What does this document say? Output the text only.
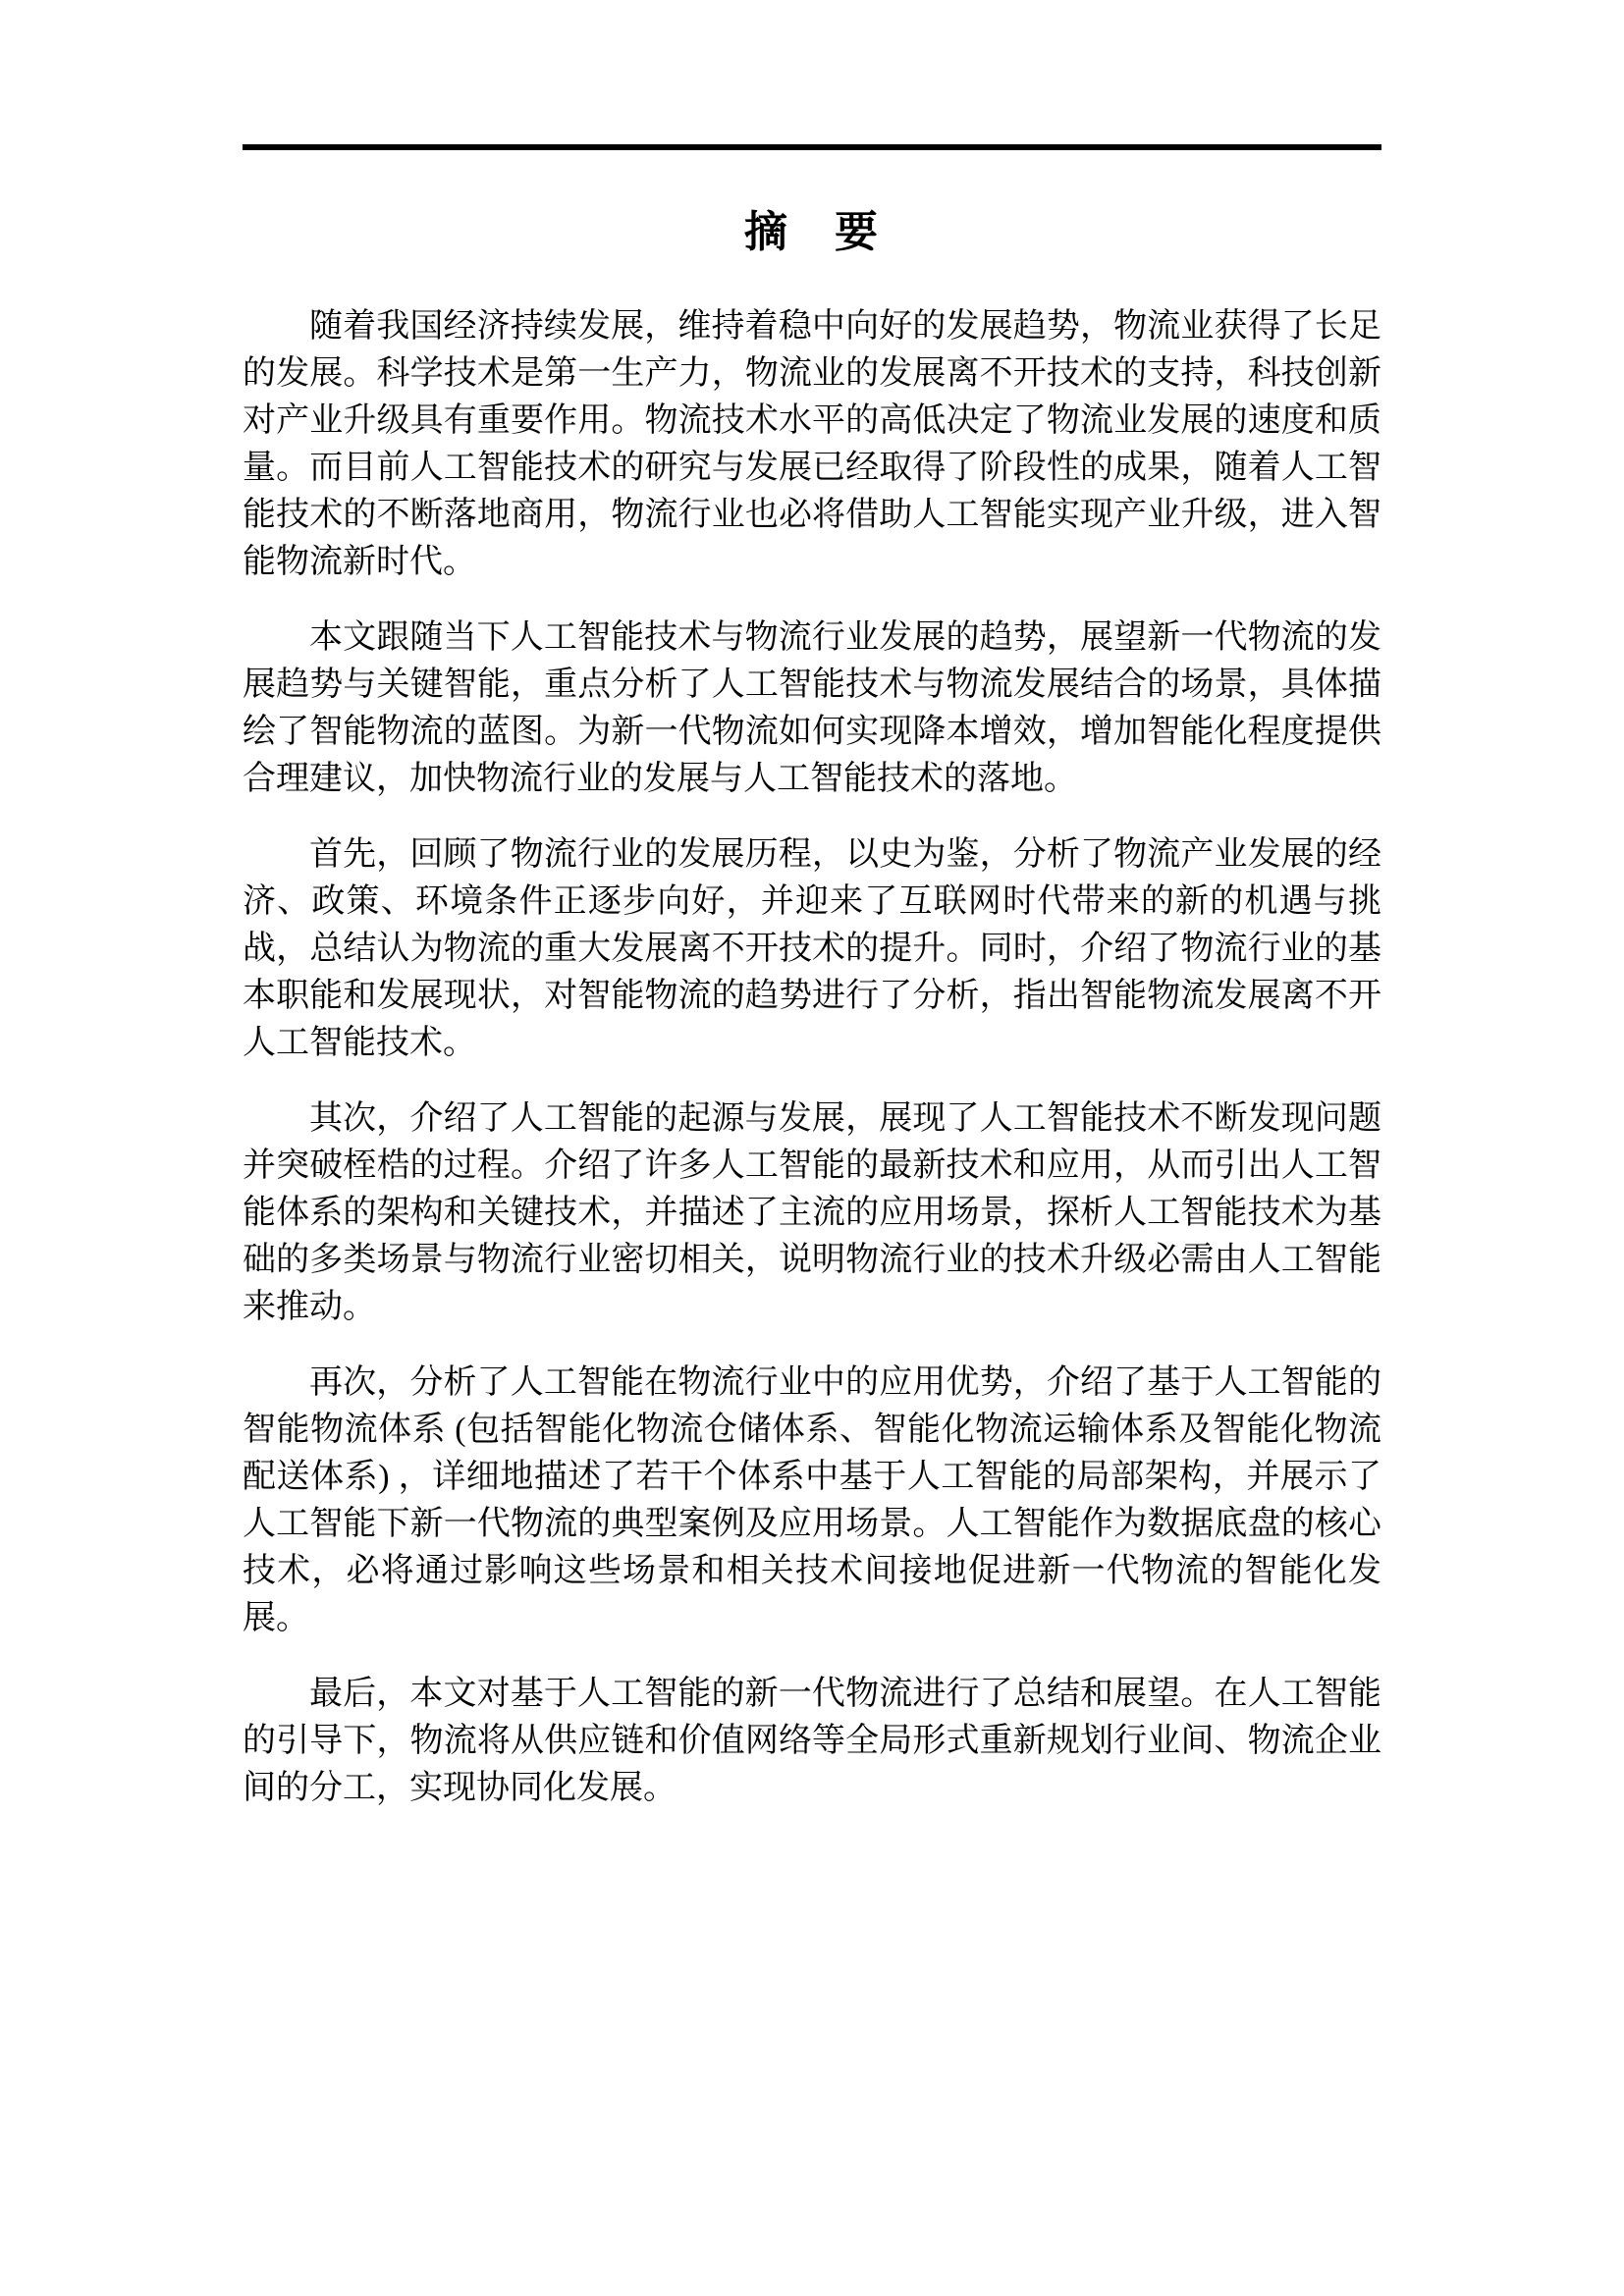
摘　要

随着我国经济持续发展，维持着稳中向好的发展趋势，物流业获得了长足的发展。科学技术是第一生产力，物流业的发展离不开技术的支持，科技创新对产业升级具有重要作用。物流技术水平的高低决定了物流业发展的速度和质量。而目前人工智能技术的研究与发展已经取得了阶段性的成果，随着人工智能技术的不断落地商用，物流行业也必将借助人工智能实现产业升级，进入智能物流新时代。

本文跟随当下人工智能技术与物流行业发展的趋势，展望新一代物流的发展趋势与关键智能，重点分析了人工智能技术与物流发展结合的场景，具体描绘了智能物流的蓝图。为新一代物流如何实现降本增效，增加智能化程度提供合理建议，加快物流行业的发展与人工智能技术的落地。

首先，回顾了物流行业的发展历程，以史为鉴，分析了物流产业发展的经济、政策、环境条件正逐步向好，并迎来了互联网时代带来的新的机遇与挑战，总结认为物流的重大发展离不开技术的提升。同时，介绍了物流行业的基本职能和发展现状，对智能物流的趋势进行了分析，指出智能物流发展离不开人工智能技术。

其次，介绍了人工智能的起源与发展，展现了人工智能技术不断发现问题并突破桎梏的过程。介绍了许多人工智能的最新技术和应用，从而引出人工智能体系的架构和关键技术，并描述了主流的应用场景，探析人工智能技术为基础的多类场景与物流行业密切相关，说明物流行业的技术升级必需由人工智能来推动。

再次，分析了人工智能在物流行业中的应用优势，介绍了基于人工智能的智能物流体系 (包括智能化物流仓储体系、智能化物流运输体系及智能化物流配送体系) ，详细地描述了若干个体系中基于人工智能的局部架构，并展示了人工智能下新一代物流的典型案例及应用场景。人工智能作为数据底盘的核心技术，必将通过影响这些场景和相关技术间接地促进新一代物流的智能化发展。

最后，本文对基于人工智能的新一代物流进行了总结和展望。在人工智能的引导下，物流将从供应链和价值网络等全局形式重新规划行业间、物流企业间的分工，实现协同化发展。
